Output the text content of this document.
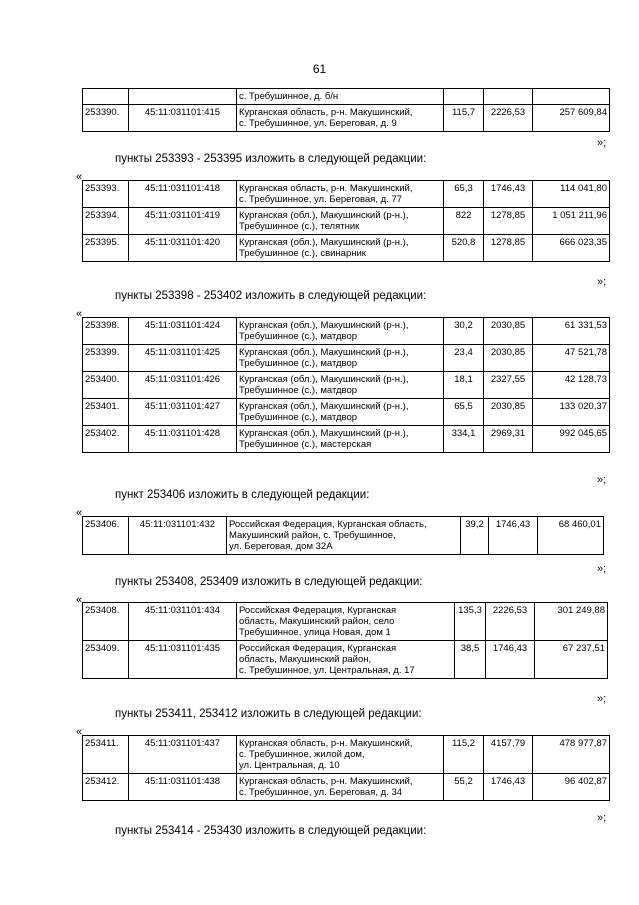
61

		с. Требушинное, д. б/н			

253390.	45:11:031101:415	Курганская область, р-н. Макушинский,
с. Требушинное, ул. Береговая, д. 9	115,7	2226,53	257 609,84
»;
пункты 253393 - 253395 изложить в следующей редакции:
«
253393.	45:11:031101:418	Курганская область, р-н. Макушинский,
с. Требушинное, ул. Береговая, д. 77	65,3	1746,43	114 041,80
253394.	45:11:031101:419	Курганская (обл.), Макушинский (р-н.),
Требушинное (с.), телятник	822	1278,85	1 051 211,96
253395.	45:11:031101:420	Курганская (обл.), Макушинский (р-н.),
Требушинное (с.), свинарник	520,8	1278,85	666 023,35
»;
пункты 253398 - 253402 изложить в следующей редакции:
«
253398.	45:11:031101:424	Курганская (обл.), Макушинский (р-н.),
Требушинное (с.), матдвор	30,2	2030,85	61 331,53
253399.	45:11:031101:425	Курганская (обл.), Макушинский (р-н.),
Требушинное (с.), матдвор	23,4	2030,85	47 521,78
253400.	45:11:031101:426	Курганская (обл.), Макушинский (р-н.),
Требушинное (с.), матдвор	18,1	2327,55	42 128,73
253401.	45:11:031101:427	Курганская (обл.), Макушинский (р-н.),
Требушинное (с.), матдвор	65,5	2030,85	133 020,37
253402.	45:11:031101:428	Курганская (обл.), Макушинский (р-н.),
Требушинное (с.), мастерская	334,1	2969,31	992 045,65
»;
пункт 253406 изложить в следующей редакции:
«
253406.	45:11:031101:432	Российская Федерация, Курганская область,
Макушинский район, с. Требушинное,
ул. Береговая, дом 32А
	39,2	1746,43	68 460,01
»;
пункты 253408, 253409 изложить в следующей редакции:
«
253408.	45:11:031101:434	Российская Федерация, Курганская
область, Макушинский район, село
Требушинное, улица Новая, дом 1	135,3	2226,53	301 249,88
253409.	45:11:031101:435	Российская Федерация, Курганская
область, Макушинский район,
с. Требушинное, ул. Центральная, д. 17	38,5	1746,43	67 237,51
»;
пункты 253411, 253412 изложить в следующей редакции:
«
253411.	45:11:031101:437	Курганская область, р-н. Макушинский,
с. Требушинное, жилой дом,
ул. Центральная, д. 10	115,2	4157,79	478 977,87
253412.	45:11:031101:438	Курганская область, р-н. Макушинский,
с. Требушинное, ул. Береговая, д. 34	55,2	1746,43	96 402,87
»;
пункты 253414 - 253430 изложить в следующей редакции:
